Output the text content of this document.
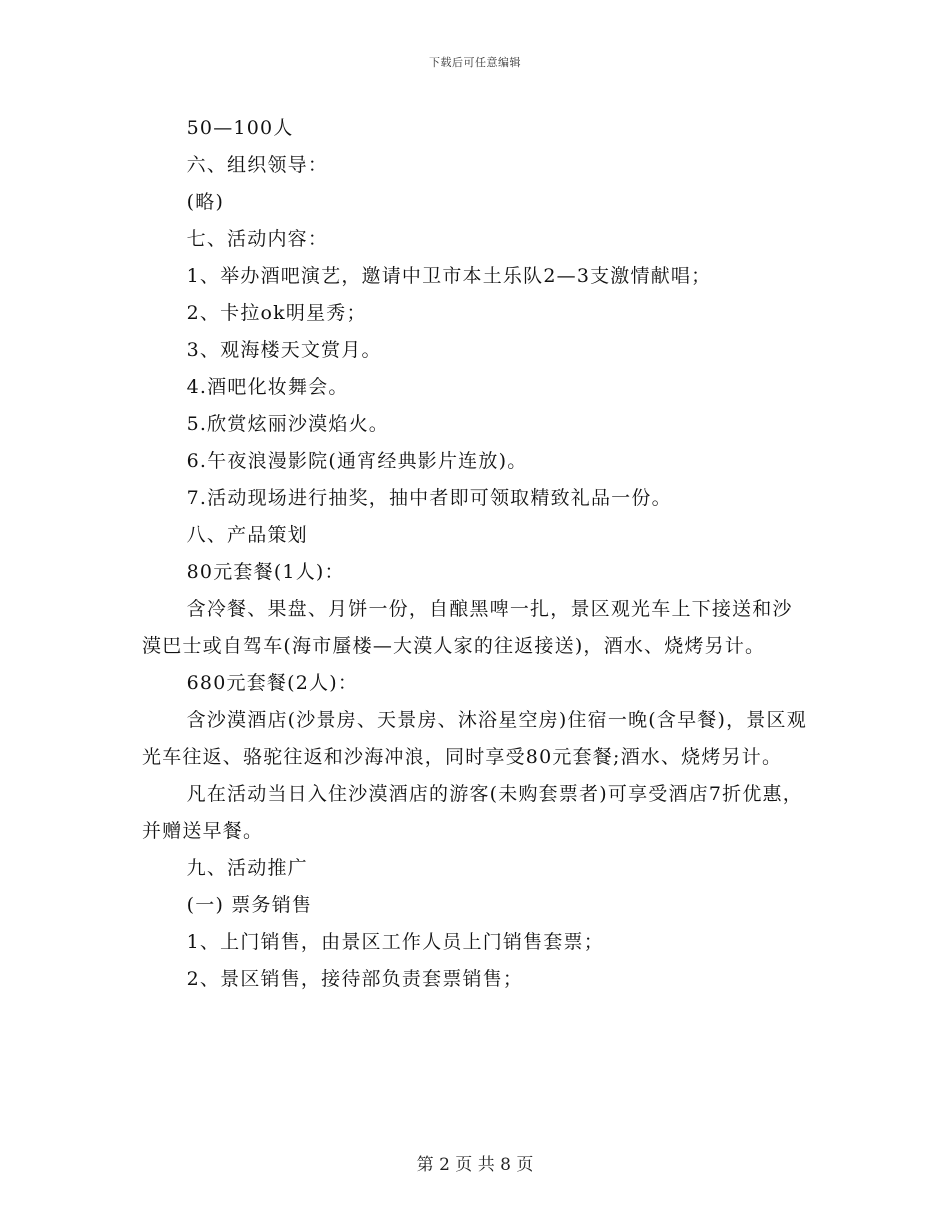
下载后可任意编辑

50—100人

六、组织领导：

(略)

七、活动内容：

1、举办酒吧演艺，邀请中卫市本土乐队2—3支激情献唱；

2、卡拉ok明星秀；

3、观海楼天文赏月。

4.酒吧化妆舞会。

5.欣赏炫丽沙漠焰火。

6.午夜浪漫影院(通宵经典影片连放)。

7.活动现场进行抽奖，抽中者即可领取精致礼品一份。

八、产品策划

80元套餐(1人)：

含冷餐、果盘、月饼一份，自酿黑啤一扎，景区观光车上下接送和沙漠巴士或自驾车(海市蜃楼—大漠人家的往返接送)，酒水、烧烤另计。

680元套餐(2人)：

含沙漠酒店(沙景房、天景房、沐浴星空房)住宿一晚(含早餐)，景区观光车往返、骆驼往返和沙海冲浪，同时享受80元套餐;酒水、烧烤另计。

凡在活动当日入住沙漠酒店的游客(未购套票者)可享受酒店7折优惠，并赠送早餐。

九、活动推广

(一) 票务销售

1、上门销售，由景区工作人员上门销售套票；

2、景区销售，接待部负责套票销售；

第 2 页 共 8 页
